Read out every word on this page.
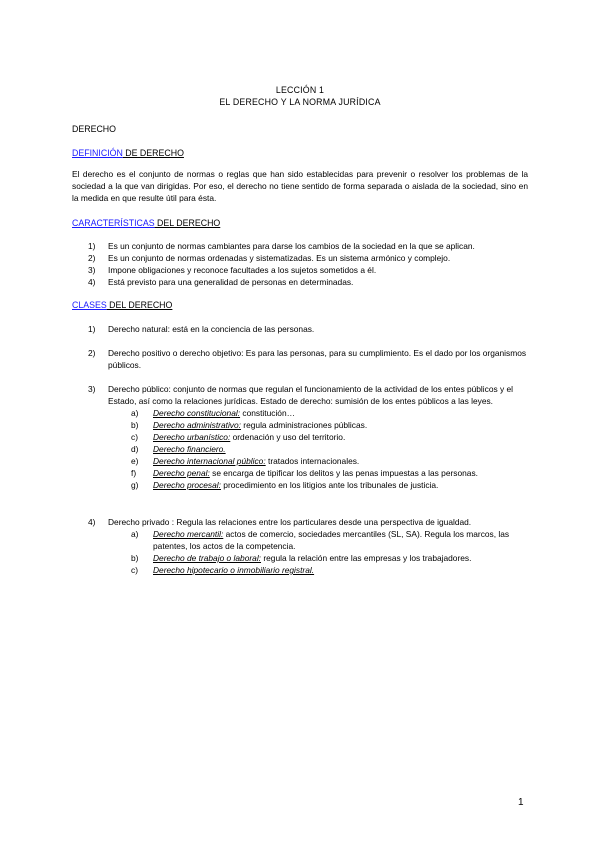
LECCIÓN 1
EL DERECHO Y LA NORMA JURÍDICA
DERECHO
DEFINICIÓN DE DERECHO
El derecho es el conjunto de normas o reglas que han sido establecidas para prevenir o resolver los problemas de la sociedad a la que van dirigidas. Por eso, el derecho no tiene sentido de forma separada o aislada de la sociedad, sino en la medida en que resulte útil para ésta.
CARACTERÍSTICAS DEL DERECHO
1) Es un conjunto de normas cambiantes para darse los cambios de la sociedad en la que se aplican.
2) Es un conjunto de normas ordenadas y sistematizadas. Es un sistema armónico y complejo.
3) Impone obligaciones y reconoce facultades a los sujetos sometidos a él.
4) Está previsto para una generalidad de personas en determinadas.
CLASES DEL DERECHO
1) Derecho natural: está en la conciencia de las personas.
2) Derecho positivo o derecho objetivo: Es para las personas, para su cumplimiento. Es el dado por los organismos públicos.
3) Derecho público: conjunto de normas que regulan el funcionamiento de la actividad de los entes públicos y el Estado, así como la relaciones jurídicas. Estado de derecho: sumisión de los entes públicos a las leyes.
a) Derecho constitucional: constitución…
b) Derecho administrativo: regula administraciones públicas.
c) Derecho urbanístico: ordenación y uso del territorio.
d) Derecho financiero.
e) Derecho internacional público: tratados internacionales.
f) Derecho penal: se encarga de tipificar los delitos y las penas impuestas a las personas.
g) Derecho procesal: procedimiento en los litigios ante los tribunales de justicia.
4) Derecho privado : Regula las relaciones entre los particulares desde una perspectiva de igualdad.
a) Derecho mercantil: actos de comercio, sociedades mercantiles (SL, SA). Regula los marcos, las patentes, los actos de la competencia.
b) Derecho de trabajo o laboral: regula la relación entre las empresas y los trabajadores.
c) Derecho hipotecario o inmobiliario registral.
1
